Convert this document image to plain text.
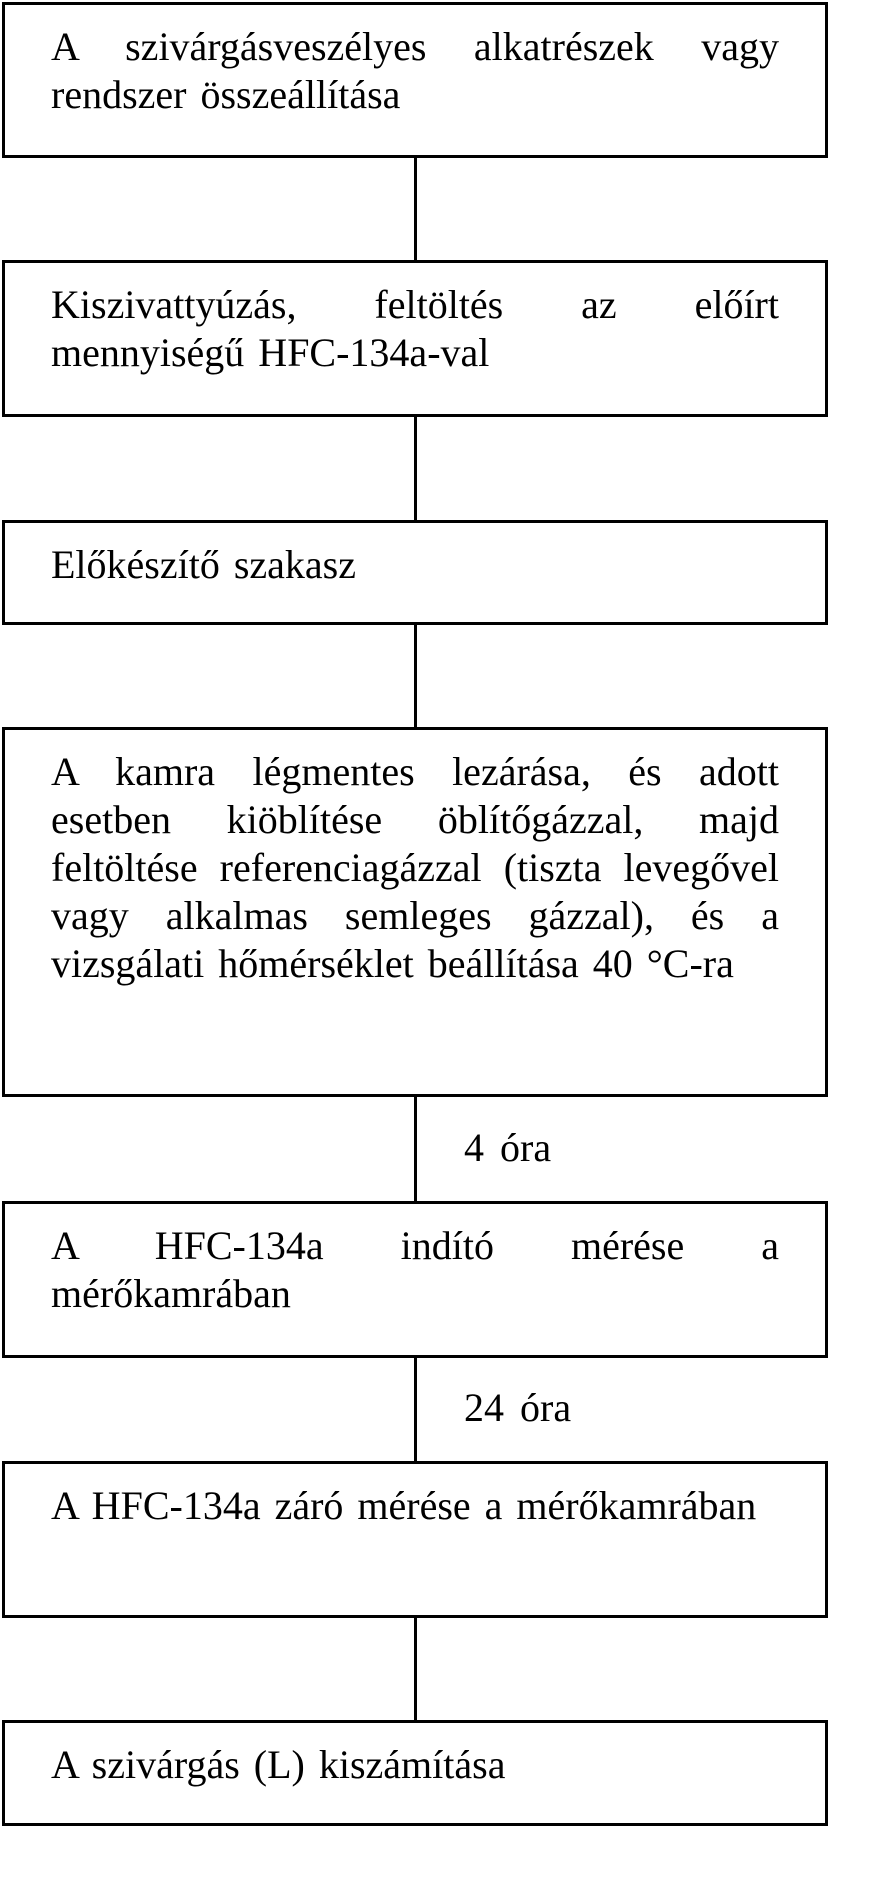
A szivárgásveszélyes alkatrészek vagy rendszer összeállítása
Kiszivattyúzás, feltöltés az előírt mennyiségű HFC-134a-val
Előkészítő szakasz
A kamra légmentes lezárása, és adott esetben kiöblítése öblítőgázzal, majd feltöltése referenciagázzal (tiszta levegővel vagy alkalmas semleges gázzal), és a vizsgálati hőmérséklet beállítása 40 °C-ra
4 óra
A HFC-134a indító mérése a mérőkamrában
24 óra
A HFC-134a záró mérése a mérőkamrában
A szivárgás (L) kiszámítása
